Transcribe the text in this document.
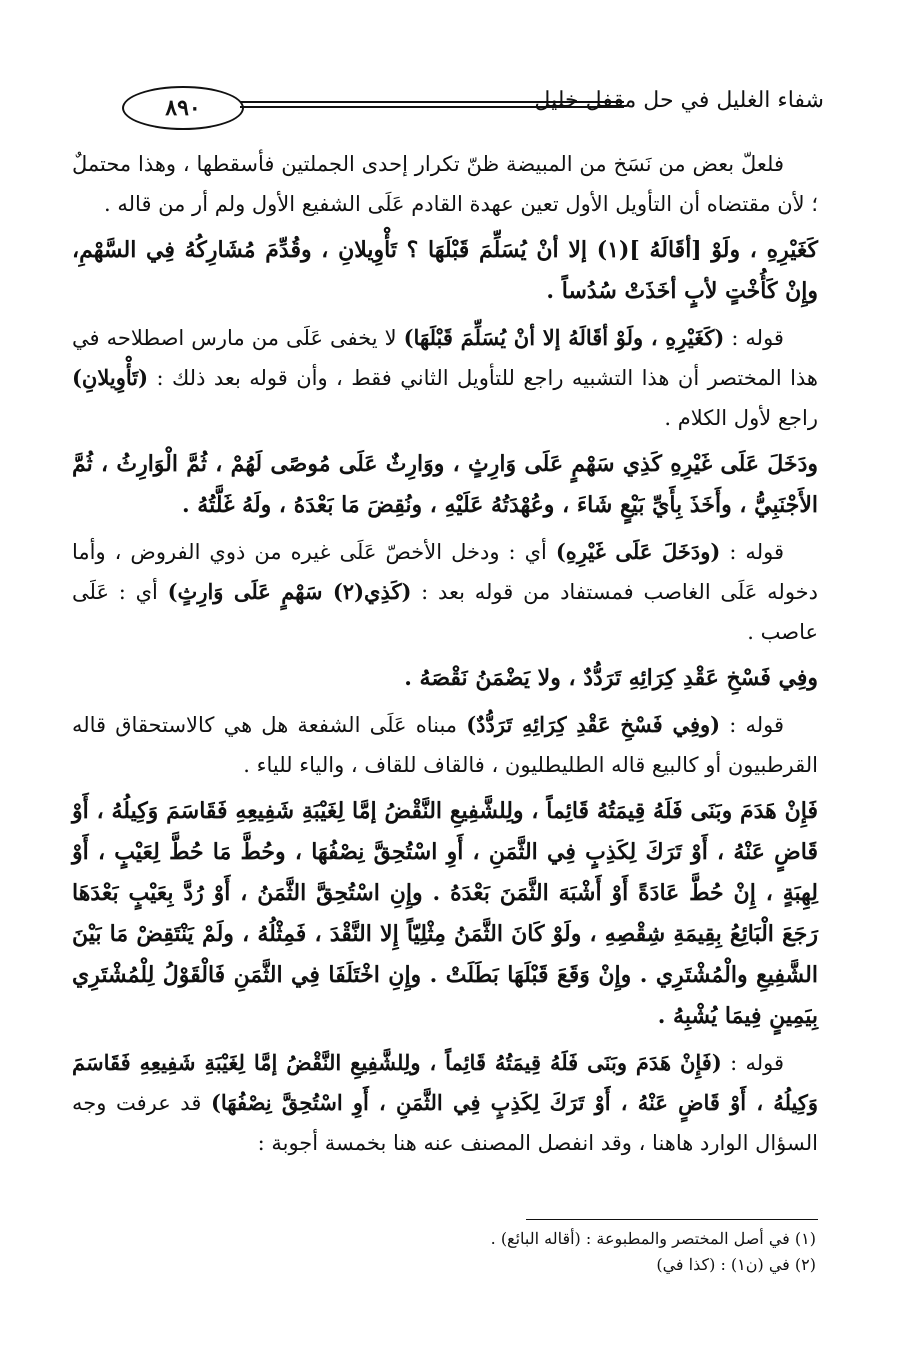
٨٩٠	شفاء الغليل في حل مقفل خليل

فلعلّ بعض من نَسَخ من المبيضة ظنّ تكرار إحدى الجملتين فأسقطها ، وهذا محتملٌ ؛ لأن مقتضاه أن التأويل الأول تعين عهدة القادم عَلَى الشفيع الأول ولم أر من قاله .

كَغَيْرِهِ ، ولَوْ [أقَالَهُ ](١) إلا أنْ يُسَلِّمَ قَبْلَهَا ؟ تَأْوِيلانِ ، وقُدِّمَ مُشَارِكُهُ فِي السَّهْمِ، وإِنْ كَأُخْتٍ لأبٍ أخَذَتْ سُدُساً .

قوله : (كَغَيْرِهِ ، ولَوْ أقَالَهُ إلا أنْ يُسَلِّمَ قَبْلَهَا) لا يخفى عَلَى من مارس اصطلاحه في هذا المختصر أن هذا التشبيه راجع للتأويل الثاني فقط ، وأن قوله بعد ذلك : (تَأْوِيلانِ) راجع لأول الكلام .

ودَخَلَ عَلَى غَيْرِهِ كَذِي سَهْمٍ عَلَى وَارِثٍ ، ووَارِثٌ عَلَى مُوصًى لَهُمْ ، ثُمَّ الْوَارِثُ ، ثُمَّ الأَجْنَبِيُّ ، وأَخَذَ بِأَيِّ بَيْعٍ شَاءَ ، وعُهْدَتُهُ عَلَيْهِ ، ونُقِضَ مَا بَعْدَهُ ، ولَهُ غَلَّتُهُ .

قوله : (ودَخَلَ عَلَى غَيْرِهِ) أي : ودخل الأخصّ عَلَى غيره من ذوي الفروض ، وأما دخوله عَلَى الغاصب فمستفاد من قوله بعد : (كَذِي(٢) سَهْمٍ عَلَى وَارِثٍ) أي : عَلَى عاصب .

وفِي فَسْخِ عَقْدِ كِرَائِهِ تَرَدُّدٌ ، ولا يَضْمَنُ نَقْصَهُ .

قوله : (وفِي فَسْخِ عَقْدِ كِرَائِهِ تَرَدُّدٌ) مبناه عَلَى الشفعة هل هي كالاستحقاق قاله القرطبيون أو كالبيع قاله الطليطليون ، فالقاف للقاف ، والياء للياء .

فَإِنْ هَدَمَ وبَنَى فَلَهُ قِيمَتُهُ قَائِماً ، ولِلشَّفِيعِ النَّقْضُ إمَّا لِغَيْبَةِ شَفِيعِهِ فَقَاسَمَ وَكِيلُهُ ، أَوْ قَاضٍ عَنْهُ ، أَوْ تَرَكَ لِكَذِبٍ فِي الثَّمَنِ ، أَوِ اسْتُحِقَّ نِصْفُهَا ، وحُطَّ مَا حُطَّ لِعَيْبٍ ، أَوْ لِهِبَةٍ ، إِنْ حُطَّ عَادَةً أَوْ أَشْبَهَ الثَّمَنَ بَعْدَهُ . وإِنِ اسْتُحِقَّ الثَّمَنُ ، أَوْ رُدَّ بِعَيْبٍ بَعْدَهَا رَجَعَ الْبَائِعُ بِقِيمَةِ شِقْصِهِ ، ولَوْ كَانَ الثَّمَنُ مِثْلِيّاً إِلا النَّقْدَ ، فَمِثْلُهُ ، ولَمْ يَنْتَقِضْ مَا بَيْنَ الشَّفِيعِ والْمُشْتَرِي . وإِنْ وَقَعَ قَبْلَهَا بَطَلَتْ . وإِنِ اخْتَلَفَا فِي الثَّمَنِ فَالْقَوْلُ لِلْمُشْتَرِي بِيَمِينٍ فِيمَا يُشْبِهُ .

قوله : (فَإِنْ هَدَمَ وبَنَى فَلَهُ قِيمَتُهُ قَائِماً ، ولِلشَّفِيعِ النَّقْضُ إمَّا لِغَيْبَةِ شَفِيعِهِ فَقَاسَمَ وَكِيلُهُ ، أَوْ قَاضٍ عَنْهُ ، أَوْ تَرَكَ لِكَذِبٍ فِي الثَّمَنِ ، أَوِ اسْتُحِقَّ نِصْفُهَا) قد عرفت وجه السؤال الوارد هاهنا ، وقد انفصل المصنف عنه هنا بخمسة أجوبة :

(١) في أصل المختصر والمطبوعة : (أقاله البائع) .
(٢) في (ن١) : (كذا في)
